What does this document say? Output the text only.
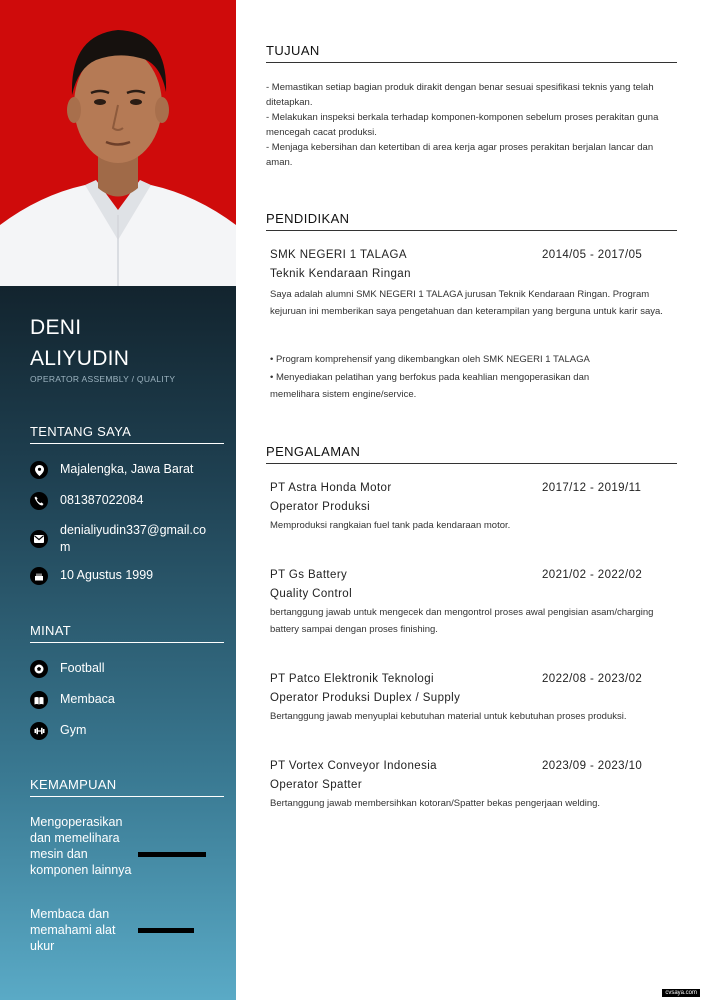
DENI
ALIYUDIN
OPERATOR ASSEMBLY / QUALITY
TENTANG SAYA
Majalengka, Jawa Barat
081387022084
denialiyudin337@gmail.com
10 Agustus 1999
MINAT
Football
Membaca
Gym
KEMAMPUAN
Mengoperasikan dan memelihara mesin dan komponen lainnya
Membaca dan memahami alat ukur
TUJUAN
- Memastikan setiap bagian produk dirakit dengan benar sesuai spesifikasi teknis yang telah ditetapkan.
- Melakukan inspeksi berkala terhadap komponen-komponen sebelum proses perakitan guna mencegah cacat produksi.
- Menjaga kebersihan dan ketertiban di area kerja agar proses perakitan berjalan lancar dan aman.
PENDIDIKAN
SMK NEGERI 1 TALAGA	2014/05 - 2017/05
Teknik Kendaraan Ringan
Saya adalah alumni SMK NEGERI 1 TALAGA jurusan Teknik Kendaraan Ringan. Program kejuruan ini memberikan saya pengetahuan dan keterampilan yang berguna untuk karir saya.
• Program komprehensif yang dikembangkan oleh SMK NEGERI 1 TALAGA
• Menyediakan pelatihan yang berfokus pada keahlian mengoperasikan dan memelihara sistem engine/service.
PENGALAMAN
PT Astra Honda Motor	2017/12 - 2019/11
Operator Produksi
Memproduksi rangkaian fuel tank pada kendaraan motor.
PT Gs Battery	2021/02 - 2022/02
Quality Control
bertanggung jawab untuk mengecek dan mengontrol proses awal pengisian asam/charging battery sampai dengan proses finishing.
PT Patco Elektronik Teknologi	2022/08 - 2023/02
Operator Produksi Duplex / Supply
Bertanggung jawab menyuplai kebutuhan material untuk kebutuhan proses produksi.
PT Vortex Conveyor Indonesia	2023/09 - 2023/10
Operator Spatter
Bertanggung jawab membersihkan kotoran/Spatter bekas pengerjaan welding.
cvsaya.com
